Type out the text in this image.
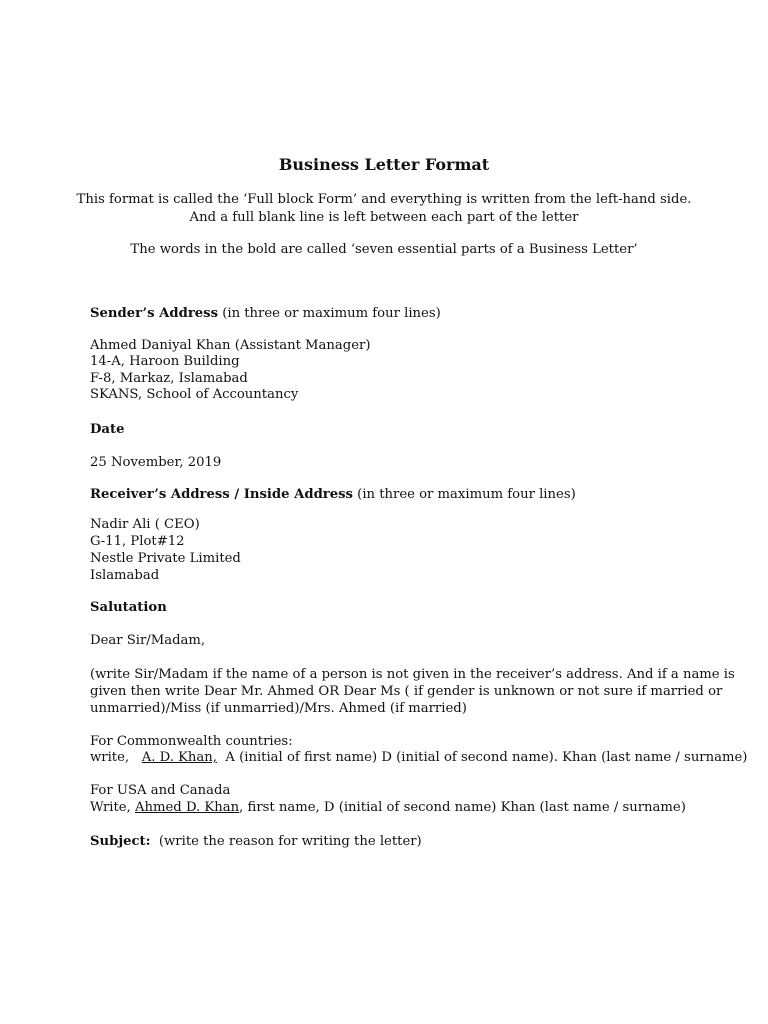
Business Letter Format
This format is called the ‘Full block Form’ and everything is written from the left-hand side.
And a full blank line is left between each part of the letter
The words in the bold are called ‘seven essential parts of a Business Letter’
Sender’s Address (in three or maximum four lines)
Ahmed Daniyal Khan (Assistant Manager)
14-A, Haroon Building
F-8, Markaz, Islamabad
SKANS, School of Accountancy
Date
25 November, 2019
Receiver’s Address / Inside Address (in three or maximum four lines)
Nadir Ali ( CEO)
G-11, Plot#12
Nestle Private Limited
Islamabad
Salutation
Dear Sir/Madam,
(write Sir/Madam if the name of a person is not given in the receiver’s address. And if a name is
given then write Dear Mr. Ahmed OR Dear Ms ( if gender is unknown or not sure if married or
unmarried)/Miss (if unmarried)/Mrs. Ahmed (if married)
For Commonwealth countries:
write,   A. D. Khan,  A (initial of first name) D (initial of second name). Khan (last name / surname)
For USA and Canada
Write, Ahmed D. Khan, first name, D (initial of second name) Khan (last name / surname)
Subject:  (write the reason for writing the letter)
